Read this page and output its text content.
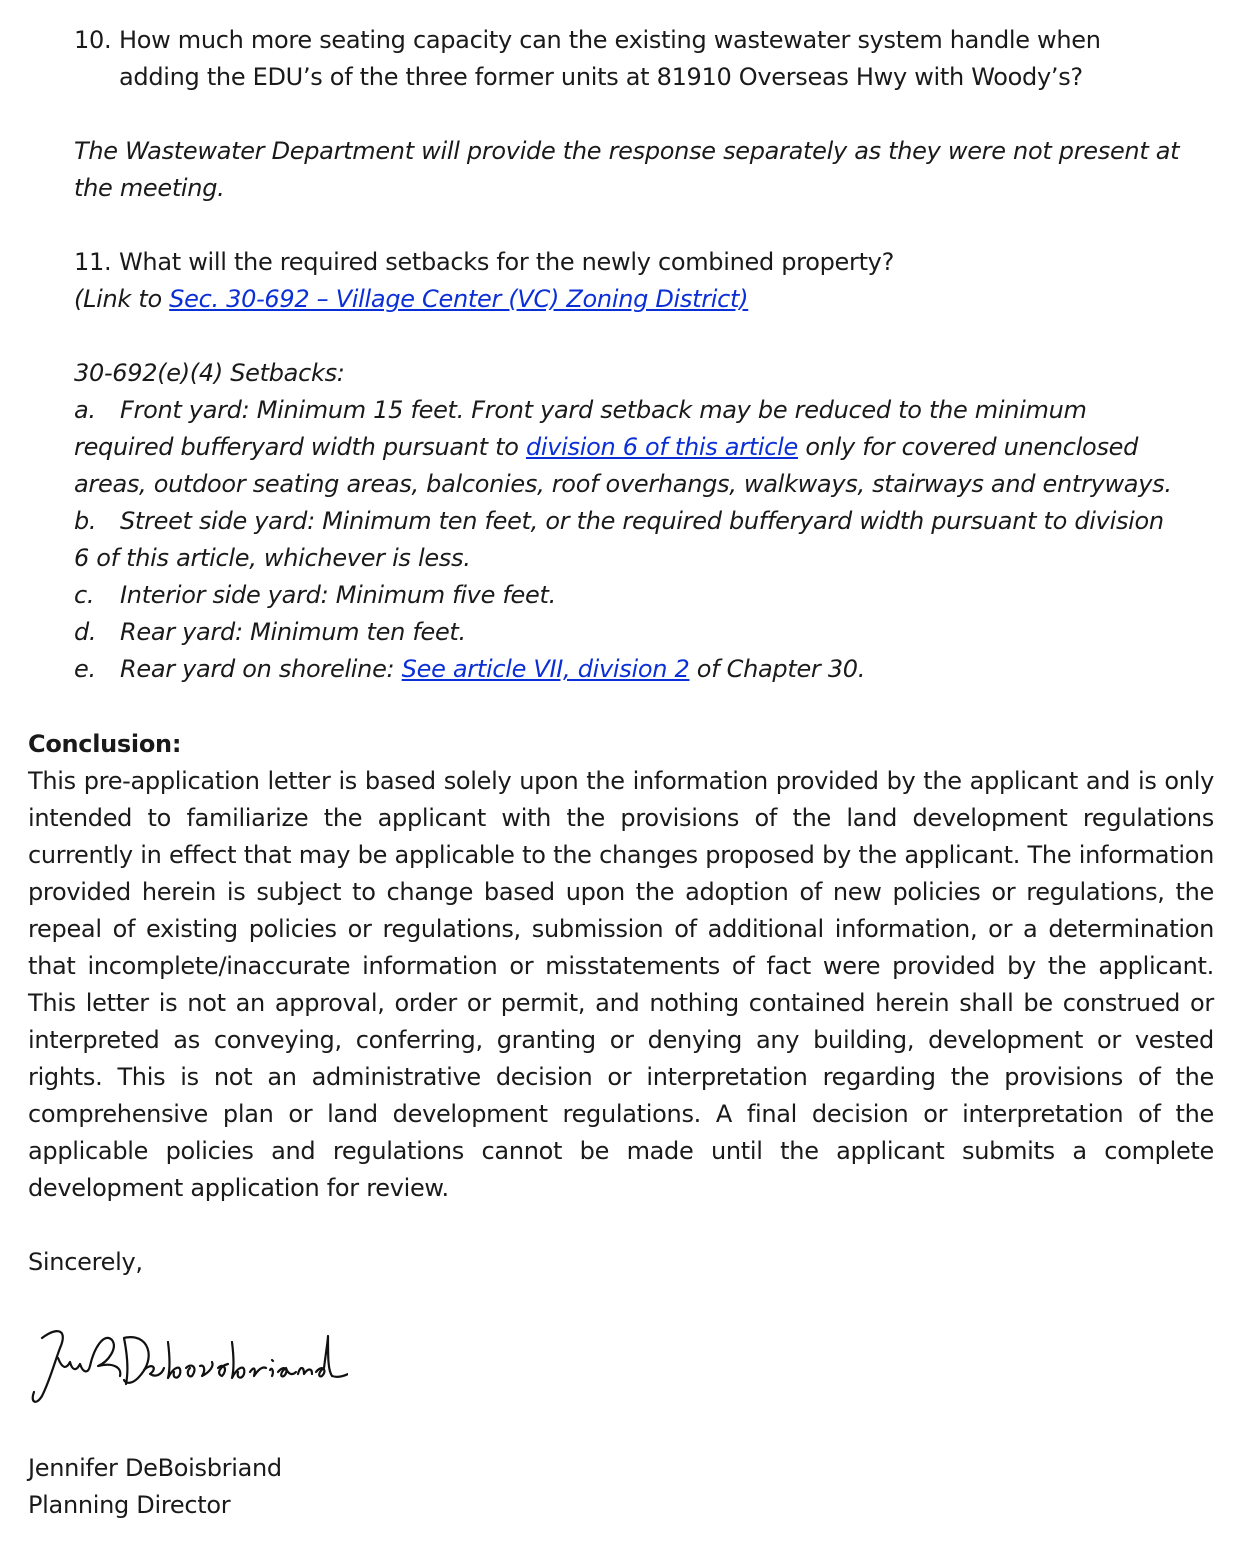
10. How much more seating capacity can the existing wastewater system handle when
adding the EDU’s of the three former units at 81910 Overseas Hwy with Woody’s?
The Wastewater Department will provide the response separately as they were not present at
the meeting.
11. What will the required setbacks for the newly combined property?
(Link to Sec. 30-692 – Village Center (VC) Zoning District)
30-692(e)(4) Setbacks:
a. Front yard: Minimum 15 feet. Front yard setback may be reduced to the minimum
required bufferyard width pursuant to division 6 of this article only for covered unenclosed
areas, outdoor seating areas, balconies, roof overhangs, walkways, stairways and entryways.
b. Street side yard: Minimum ten feet, or the required bufferyard width pursuant to division
6 of this article, whichever is less.
c. Interior side yard: Minimum five feet.
d. Rear yard: Minimum ten feet.
e. Rear yard on shoreline: See article VII, division 2 of Chapter 30.
Conclusion:
This pre-application letter is based solely upon the information provided by the applicant and is only intended to familiarize the applicant with the provisions of the land development regulations currently in effect that may be applicable to the changes proposed by the applicant. The information provided herein is subject to change based upon the adoption of new policies or regulations, the repeal of existing policies or regulations, submission of additional information, or a determination that incomplete/inaccurate information or misstatements of fact were provided by the applicant. This letter is not an approval, order or permit, and nothing contained herein shall be construed or interpreted as conveying, conferring, granting or denying any building, development or vested rights. This is not an administrative decision or interpretation regarding the provisions of the comprehensive plan or land development regulations. A final decision or interpretation of the applicable policies and regulations cannot be made until the applicant submits a complete development application for review.
Sincerely,
Jennifer DeBoisbriand
Planning Director
